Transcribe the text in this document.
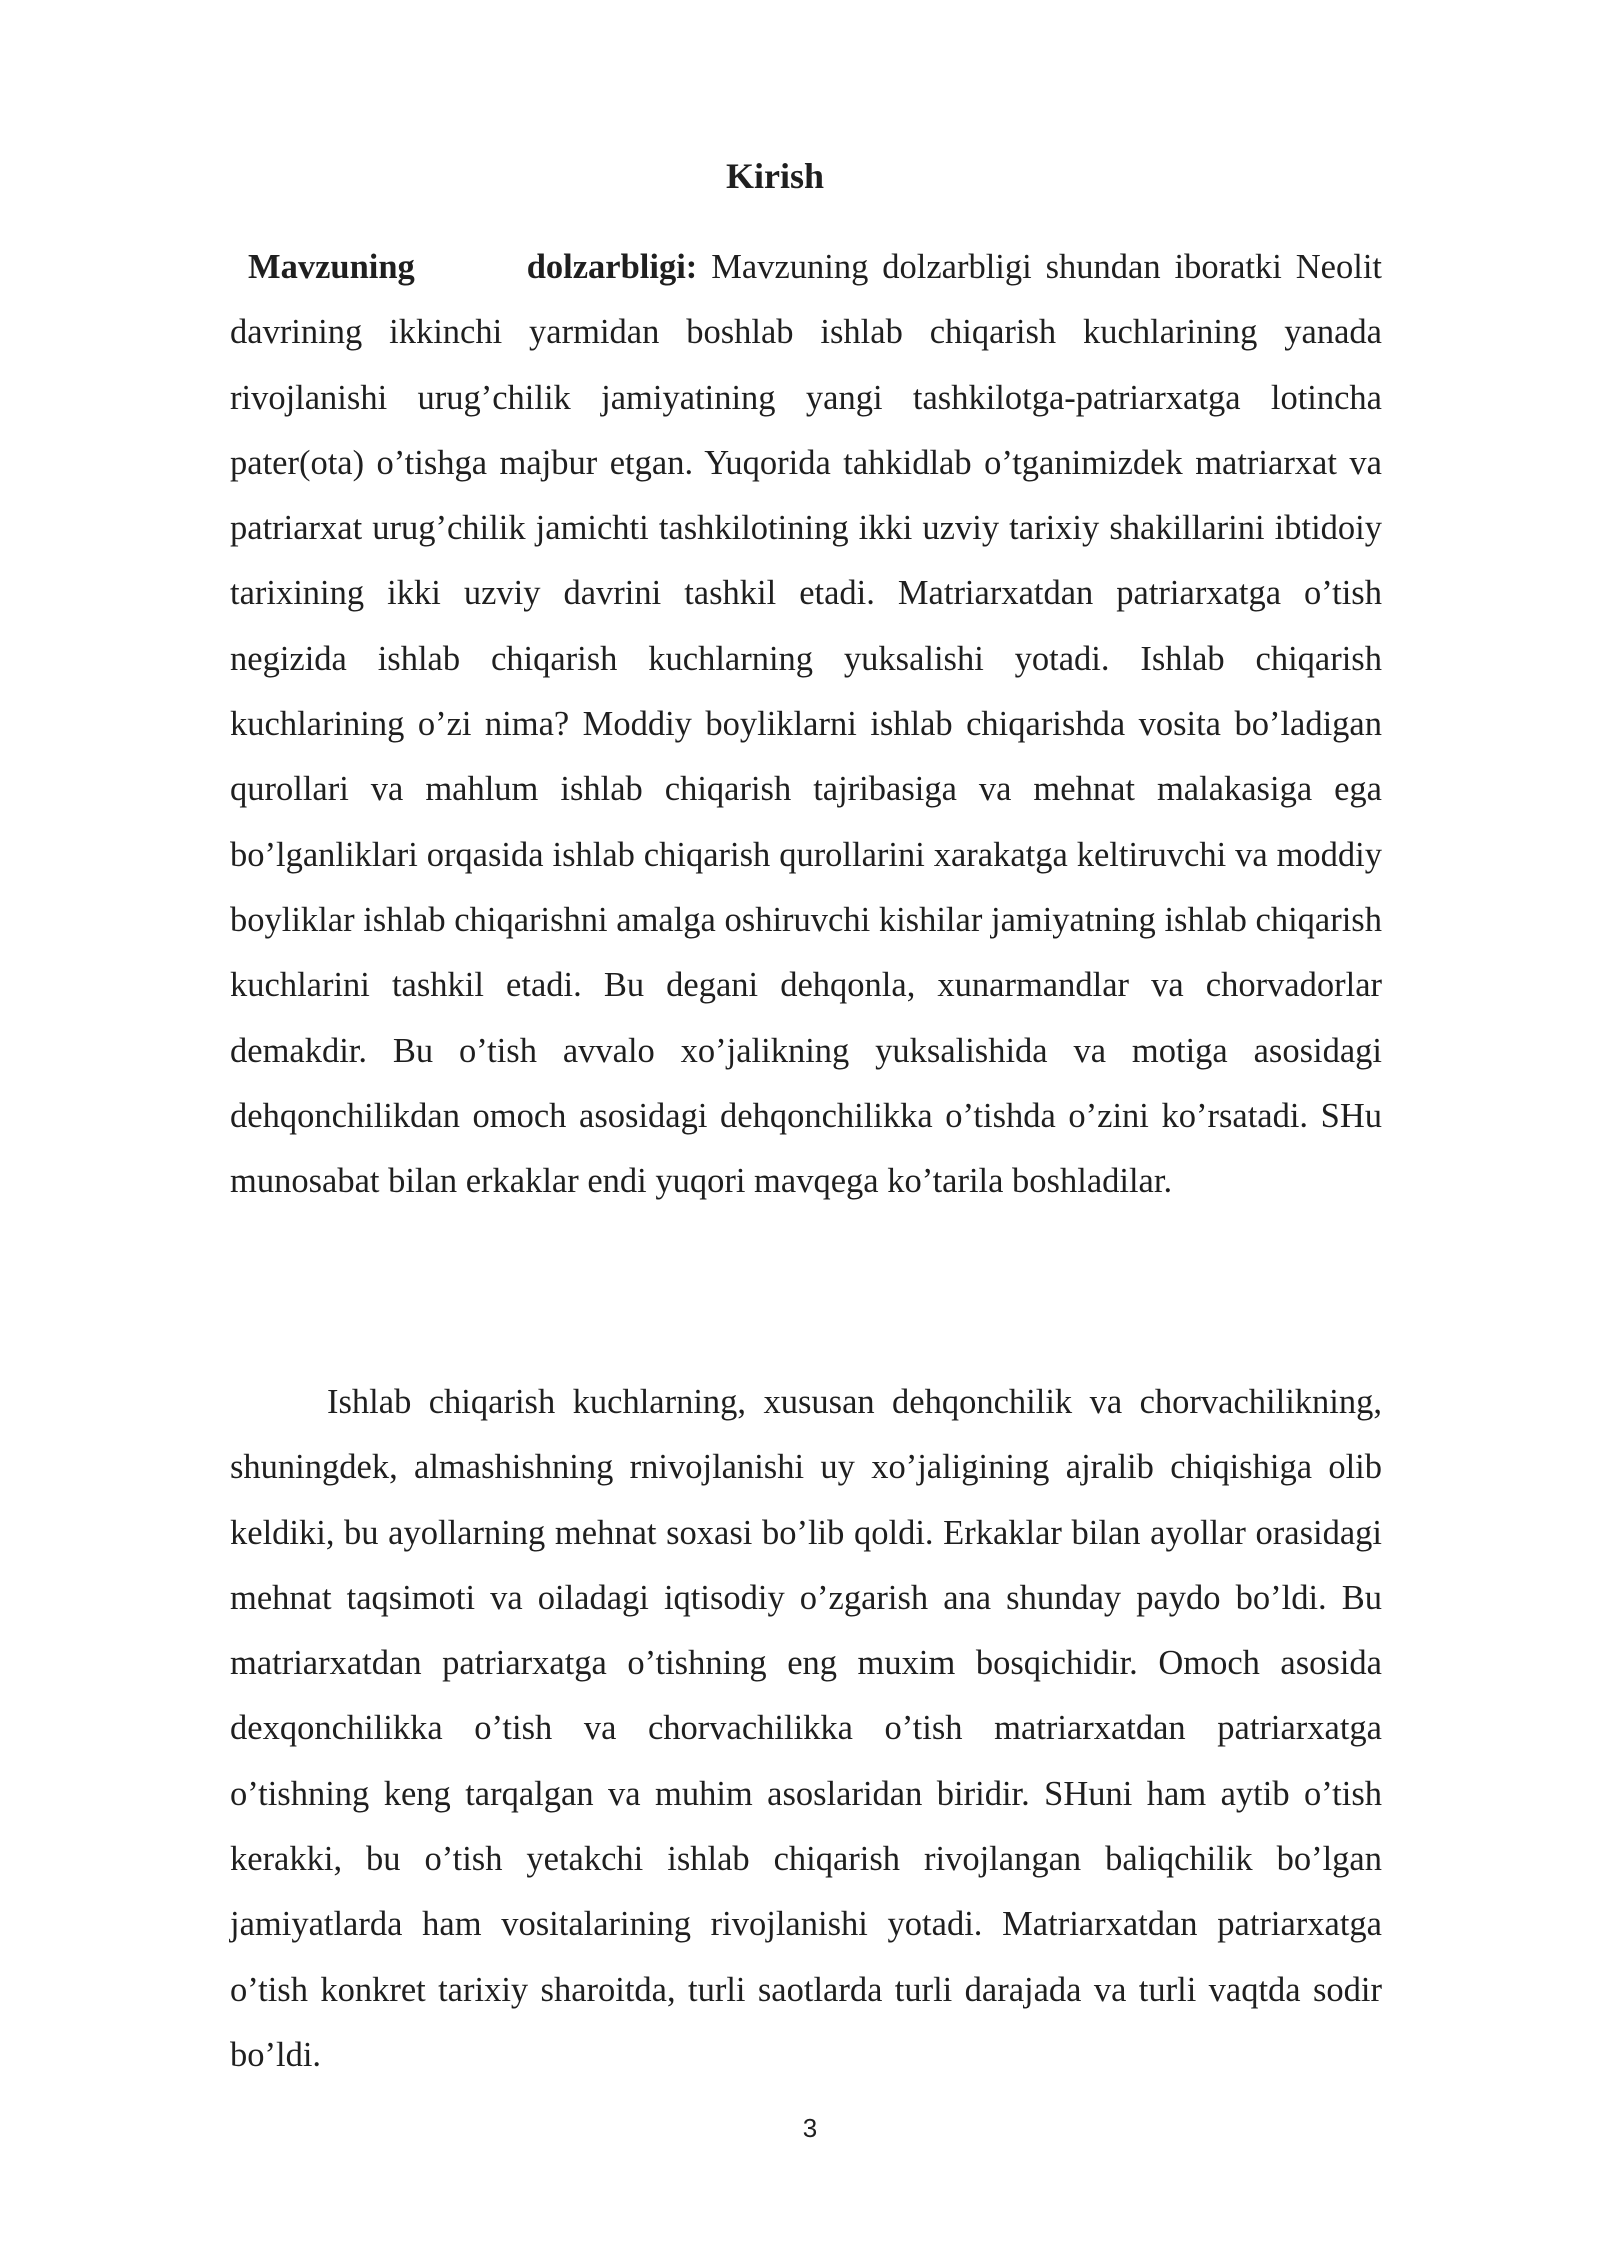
Kirish

Mavzuning dolzarbligi: Mavzuning dolzarbligi shundan iboratki Neolit davrining ikkinchi yarmidan boshlab ishlab chiqarish kuchlarining yanada rivojlanishi urug’chilik jamiyatining yangi tashkilotga-patriarxatga lotincha pater(ota) o’tishga majbur etgan. Yuqorida tahkidlab o’tganimizdek matriarxat va patriarxat urug’chilik jamichti tashkilotining ikki uzviy tarixiy shakillarini ibtidoiy tarixining ikki uzviy davrini tashkil etadi. Matriarxatdan patriarxatga o’tish negizida ishlab chiqarish kuchlarning yuksalishi yotadi. Ishlab chiqarish kuchlarining o’zi nima? Moddiy boyliklarni ishlab chiqarishda vosita bo’ladigan qurollari va mahlum ishlab chiqarish tajribasiga va mehnat malakasiga ega bo’lganliklari orqasida ishlab chiqarish qurollarini xarakatga keltiruvchi va moddiy boyliklar ishlab chiqarishni amalga oshiruvchi kishilar jamiyatning ishlab chiqarish kuchlarini tashkil etadi. Bu degani dehqonla, xunarmandlar va chorvadorlar demakdir. Bu o’tish avvalo xo’jalikning yuksalishida va motiga asosidagi dehqonchilikdan omoch asosidagi dehqonchilikka o’tishda o’zini ko’rsatadi. SHu munosabat bilan erkaklar endi yuqori mavqega ko’tarila boshladilar.

Ishlab chiqarish kuchlarning, xususan dehqonchilik va chorvachilikning, shuningdek, almashishning rnivojlanishi uy xo’jaligining ajralib chiqishiga olib keldiki, bu ayollarning mehnat soxasi bo’lib qoldi. Erkaklar bilan ayollar orasidagi mehnat taqsimoti va oiladagi iqtisodiy o’zgarish ana shunday paydo bo’ldi. Bu matriarxatdan patriarxatga o’tishning eng muxim bosqichidir. Omoch asosida dexqonchilikka o’tish va chorvachilikka o’tish matriarxatdan patriarxatga o’tishning keng tarqalgan va muhim asoslaridan biridir. SHuni ham aytib o’tish kerakki, bu o’tish yetakchi ishlab chiqarish rivojlangan baliqchilik bo’lgan jamiyatlarda ham vositalarining rivojlanishi yotadi. Matriarxatdan patriarxatga o’tish konkret tarixiy sharoitda, turli saotlarda turli darajada va turli vaqtda sodir bo’ldi.

3
